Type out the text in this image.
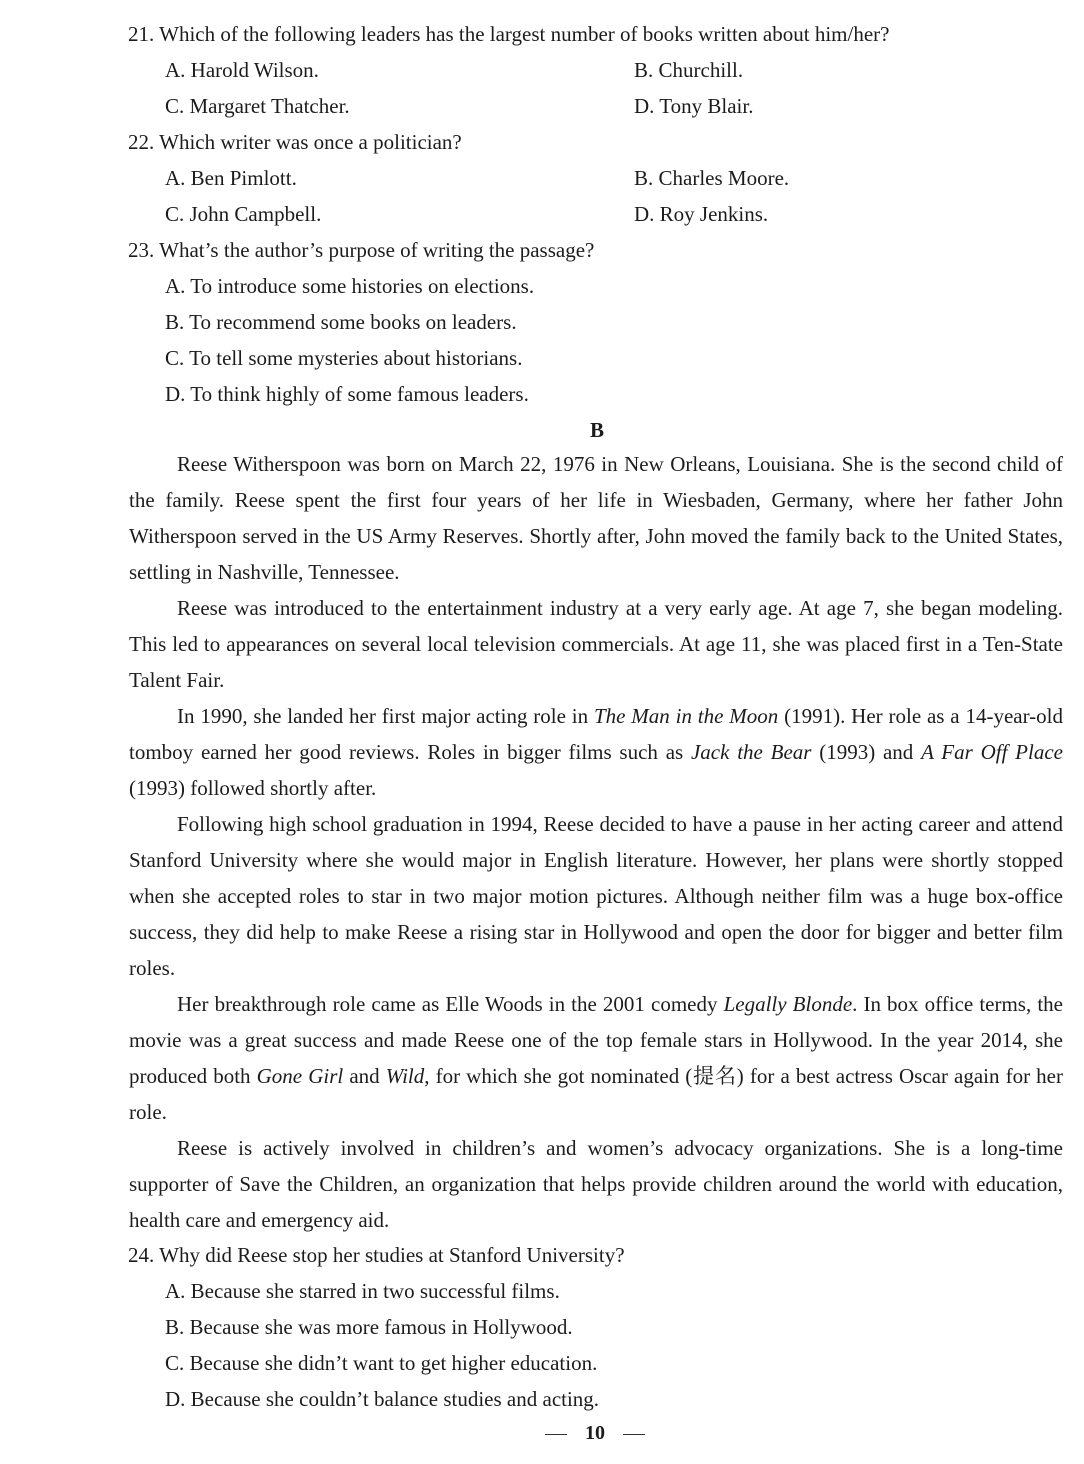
21. Which of the following leaders has the largest number of books written about him/her?
A. Harold Wilson.	B. Churchill.
C. Margaret Thatcher.	D. Tony Blair.
22. Which writer was once a politician?
A. Ben Pimlott.	B. Charles Moore.
C. John Campbell.	D. Roy Jenkins.
23. What’s the author’s purpose of writing the passage?
A. To introduce some histories on elections.
B. To recommend some books on leaders.
C. To tell some mysteries about historians.
D. To think highly of some famous leaders.
B

Reese Witherspoon was born on March 22, 1976 in New Orleans, Louisiana. She is the second child of the family. Reese spent the first four years of her life in Wiesbaden, Germany, where her father John Witherspoon served in the US Army Reserves. Shortly after, John moved the family back to the United States, settling in Nashville, Tennessee.

Reese was introduced to the entertainment industry at a very early age. At age 7, she began modeling. This led to appearances on several local television commercials. At age 11, she was placed first in a Ten-State Talent Fair.

In 1990, she landed her first major acting role in The Man in the Moon (1991). Her role as a 14-year-old tomboy earned her good reviews. Roles in bigger films such as Jack the Bear (1993) and A Far Off Place (1993) followed shortly after.

Following high school graduation in 1994, Reese decided to have a pause in her acting career and attend Stanford University where she would major in English literature. However, her plans were shortly stopped when she accepted roles to star in two major motion pictures. Although neither film was a huge box-office success, they did help to make Reese a rising star in Hollywood and open the door for bigger and better film roles.

Her breakthrough role came as Elle Woods in the 2001 comedy Legally Blonde. In box office terms, the movie was a great success and made Reese one of the top female stars in Hollywood. In the year 2014, she produced both Gone Girl and Wild, for which she got nominated (提名) for a best actress Oscar again for her role.

Reese is actively involved in children’s and women’s advocacy organizations. She is a long-time supporter of Save the Children, an organization that helps provide children around the world with education, health care and emergency aid.

24. Why did Reese stop her studies at Stanford University?
A. Because she starred in two successful films.
B. Because she was more famous in Hollywood.
C. Because she didn’t want to get higher education.
D. Because she couldn’t balance studies and acting.
10
